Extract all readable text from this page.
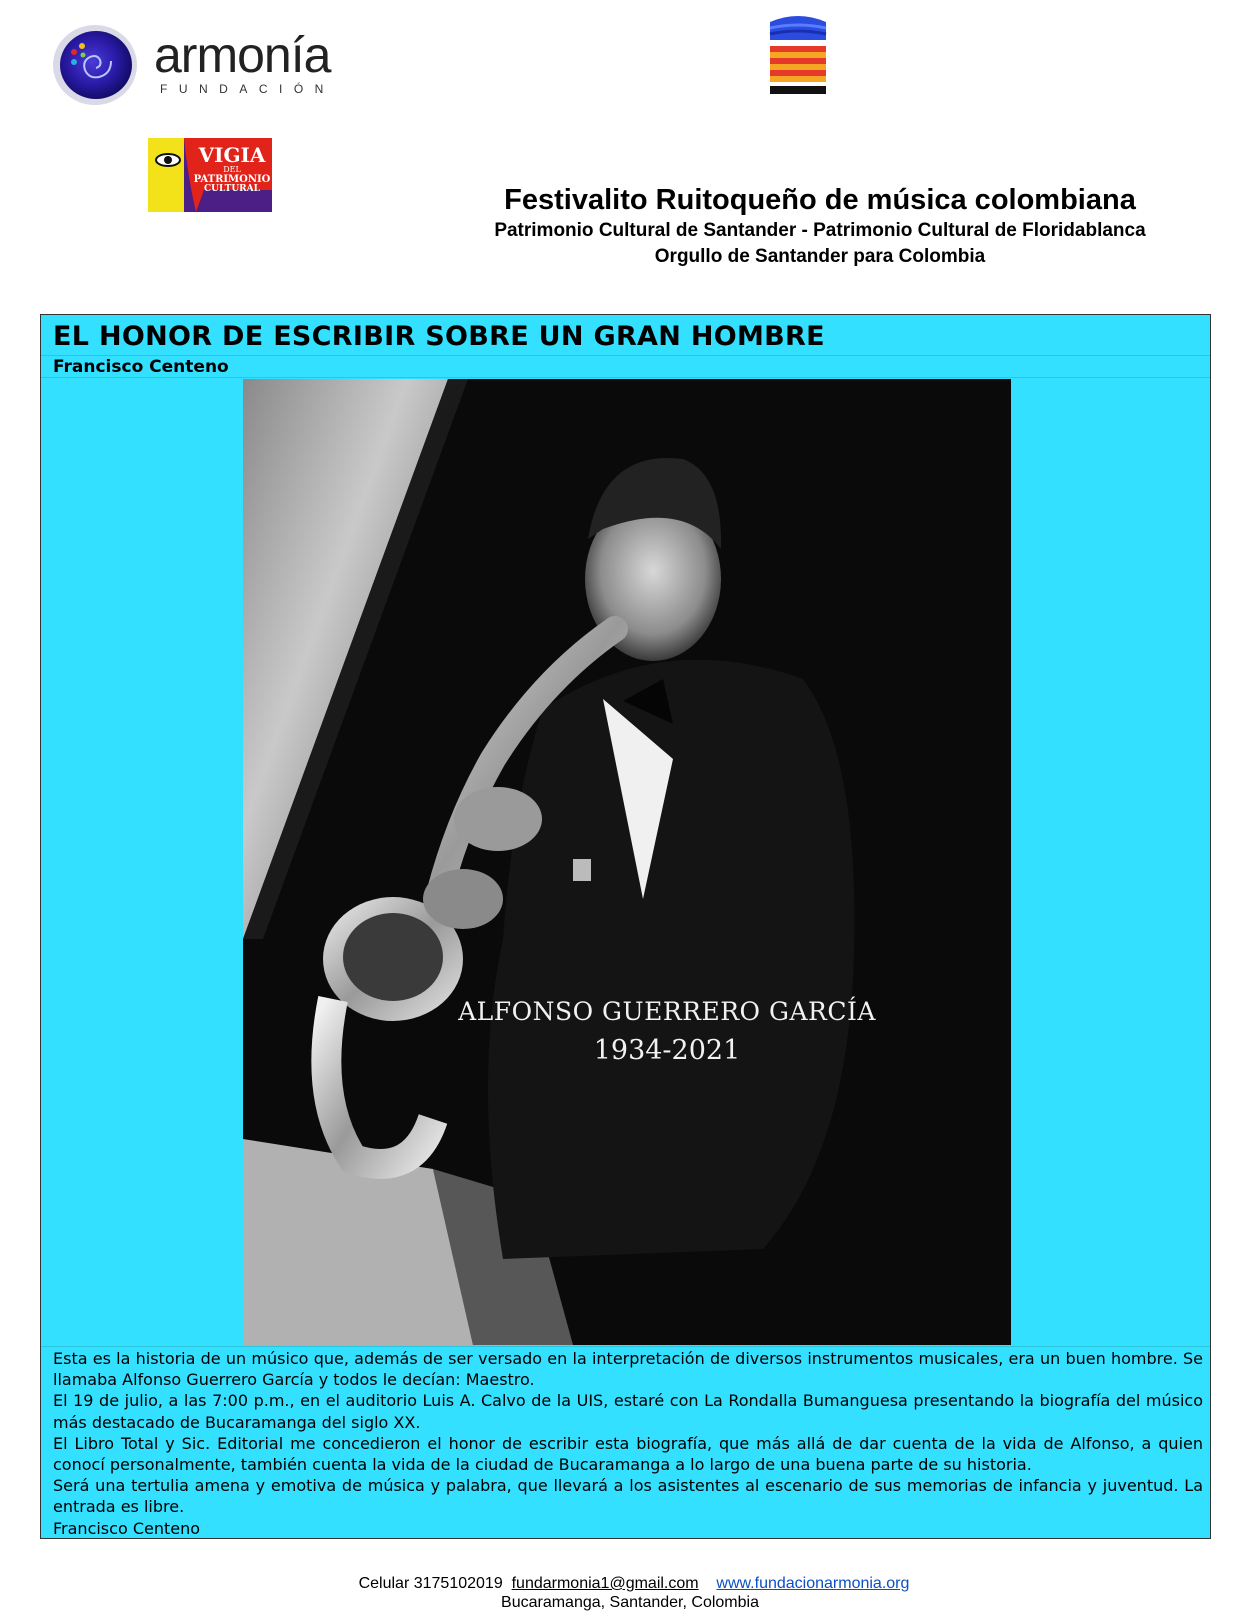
armonía
FUNDACIÓN
VIGIA
DEL
PATRIMONIO
CULTURAL	Festivalito Ruitoqueño de música colombiana
Patrimonio Cultural de Santander - Patrimonio Cultural de Floridablanca
Orgullo de Santander para Colombia
EL HONOR DE ESCRIBIR SOBRE UN GRAN HOMBRE
Francisco Centeno
ALFONSO GUERRERO GARCÍA
1934-2021

Esta es la historia de un músico que, además de ser versado en la interpretación de diversos instrumentos musicales, era un buen hombre. Se llamaba Alfonso Guerrero García y todos le decían: Maestro.

El 19 de julio, a las 7:00 p.m., en el auditorio Luis A. Calvo de la UIS, estaré con La Rondalla Bumanguesa presentando la biografía del músico más destacado de Bucaramanga del siglo XX.

El Libro Total y Sic. Editorial me concedieron el honor de escribir esta biografía, que más allá de dar cuenta de la vida de Alfonso, a quien conocí personalmente, también cuenta la vida de la ciudad de Bucaramanga a lo largo de una buena parte de su historia.

Será una tertulia amena y emotiva de música y palabra, que llevará a los asistentes al escenario de sus memorias de infancia y juventud. La entrada es libre.

Francisco Centeno

Celular 3175102019 fundarmonia1@gmail.com www.fundacionarmonia.org
Bucaramanga, Santander, Colombia
